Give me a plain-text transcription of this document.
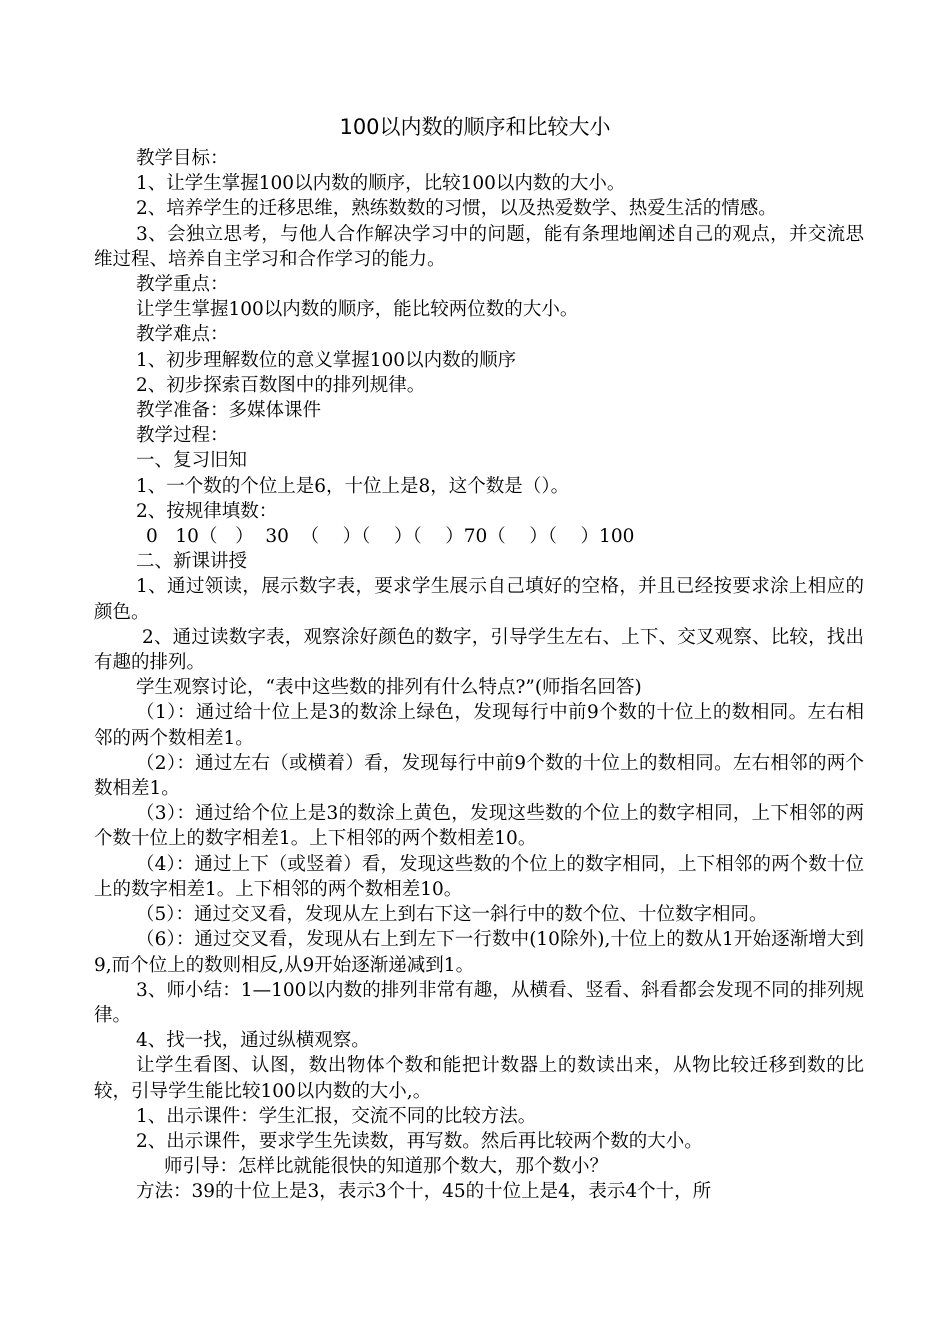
100以内数的顺序和比较大小

教学目标：

1、让学生掌握100以内数的顺序，比较100以内数的大小。

2、培养学生的迁移思维，熟练数数的习惯，以及热爱数学、热爱生活的情感。

3、会独立思考，与他人合作解决学习中的问题，能有条理地阐述自己的观点，并交流思维过程、培养自主学习和合作学习的能力。

教学重点：

让学生掌握100以内数的顺序，能比较两位数的大小。

教学难点：

1、初步理解数位的意义掌握100以内数的顺序

2、初步探索百数图中的排列规律。

教学准备：多媒体课件

教学过程：

一、复习旧知

1、一个数的个位上是6，十位上是8，这个数是（）。

2、按规律填数：

0   10（   ）  30  （    ）（    ）（    ）70（    ）（    ）100

二、新课讲授

1、通过领读，展示数字表，要求学生展示自己填好的空格，并且已经按要求涂上相应的颜色。

2、通过读数字表，观察涂好颜色的数字，引导学生左右、上下、交叉观察、比较，找出有趣的排列。

学生观察讨论，“表中这些数的排列有什么特点?”(师指名回答)

（1）：通过给十位上是3的数涂上绿色，发现每行中前9个数的十位上的数相同。左右相邻的两个数相差1。

（2）：通过左右（或横着）看，发现每行中前9个数的十位上的数相同。左右相邻的两个数相差1。

（3）：通过给个位上是3的数涂上黄色，发现这些数的个位上的数字相同，上下相邻的两个数十位上的数字相差1。上下相邻的两个数相差10。

（4）：通过上下（或竖着）看，发现这些数的个位上的数字相同，上下相邻的两个数十位上的数字相差1。上下相邻的两个数相差10。

（5）：通过交叉看，发现从左上到右下这一斜行中的数个位、十位数字相同。

（6）：通过交叉看，发现从右上到左下一行数中(10除外),十位上的数从1开始逐渐增大到9,而个位上的数则相反,从9开始逐渐递减到1。

3、师小结：1—100以内数的排列非常有趣，从横看、竖看、斜看都会发现不同的排列规律。

4、找一找，通过纵横观察。

让学生看图、认图，数出物体个数和能把计数器上的数读出来，从物比较迁移到数的比较，引导学生能比较100以内数的大小,。

1、出示课件：学生汇报，交流不同的比较方法。

2、出示课件，要求学生先读数，再写数。然后再比较两个数的大小。

师引导：怎样比就能很快的知道那个数大，那个数小？

方法：39的十位上是3，表示3个十，45的十位上是4，表示4个十，所
